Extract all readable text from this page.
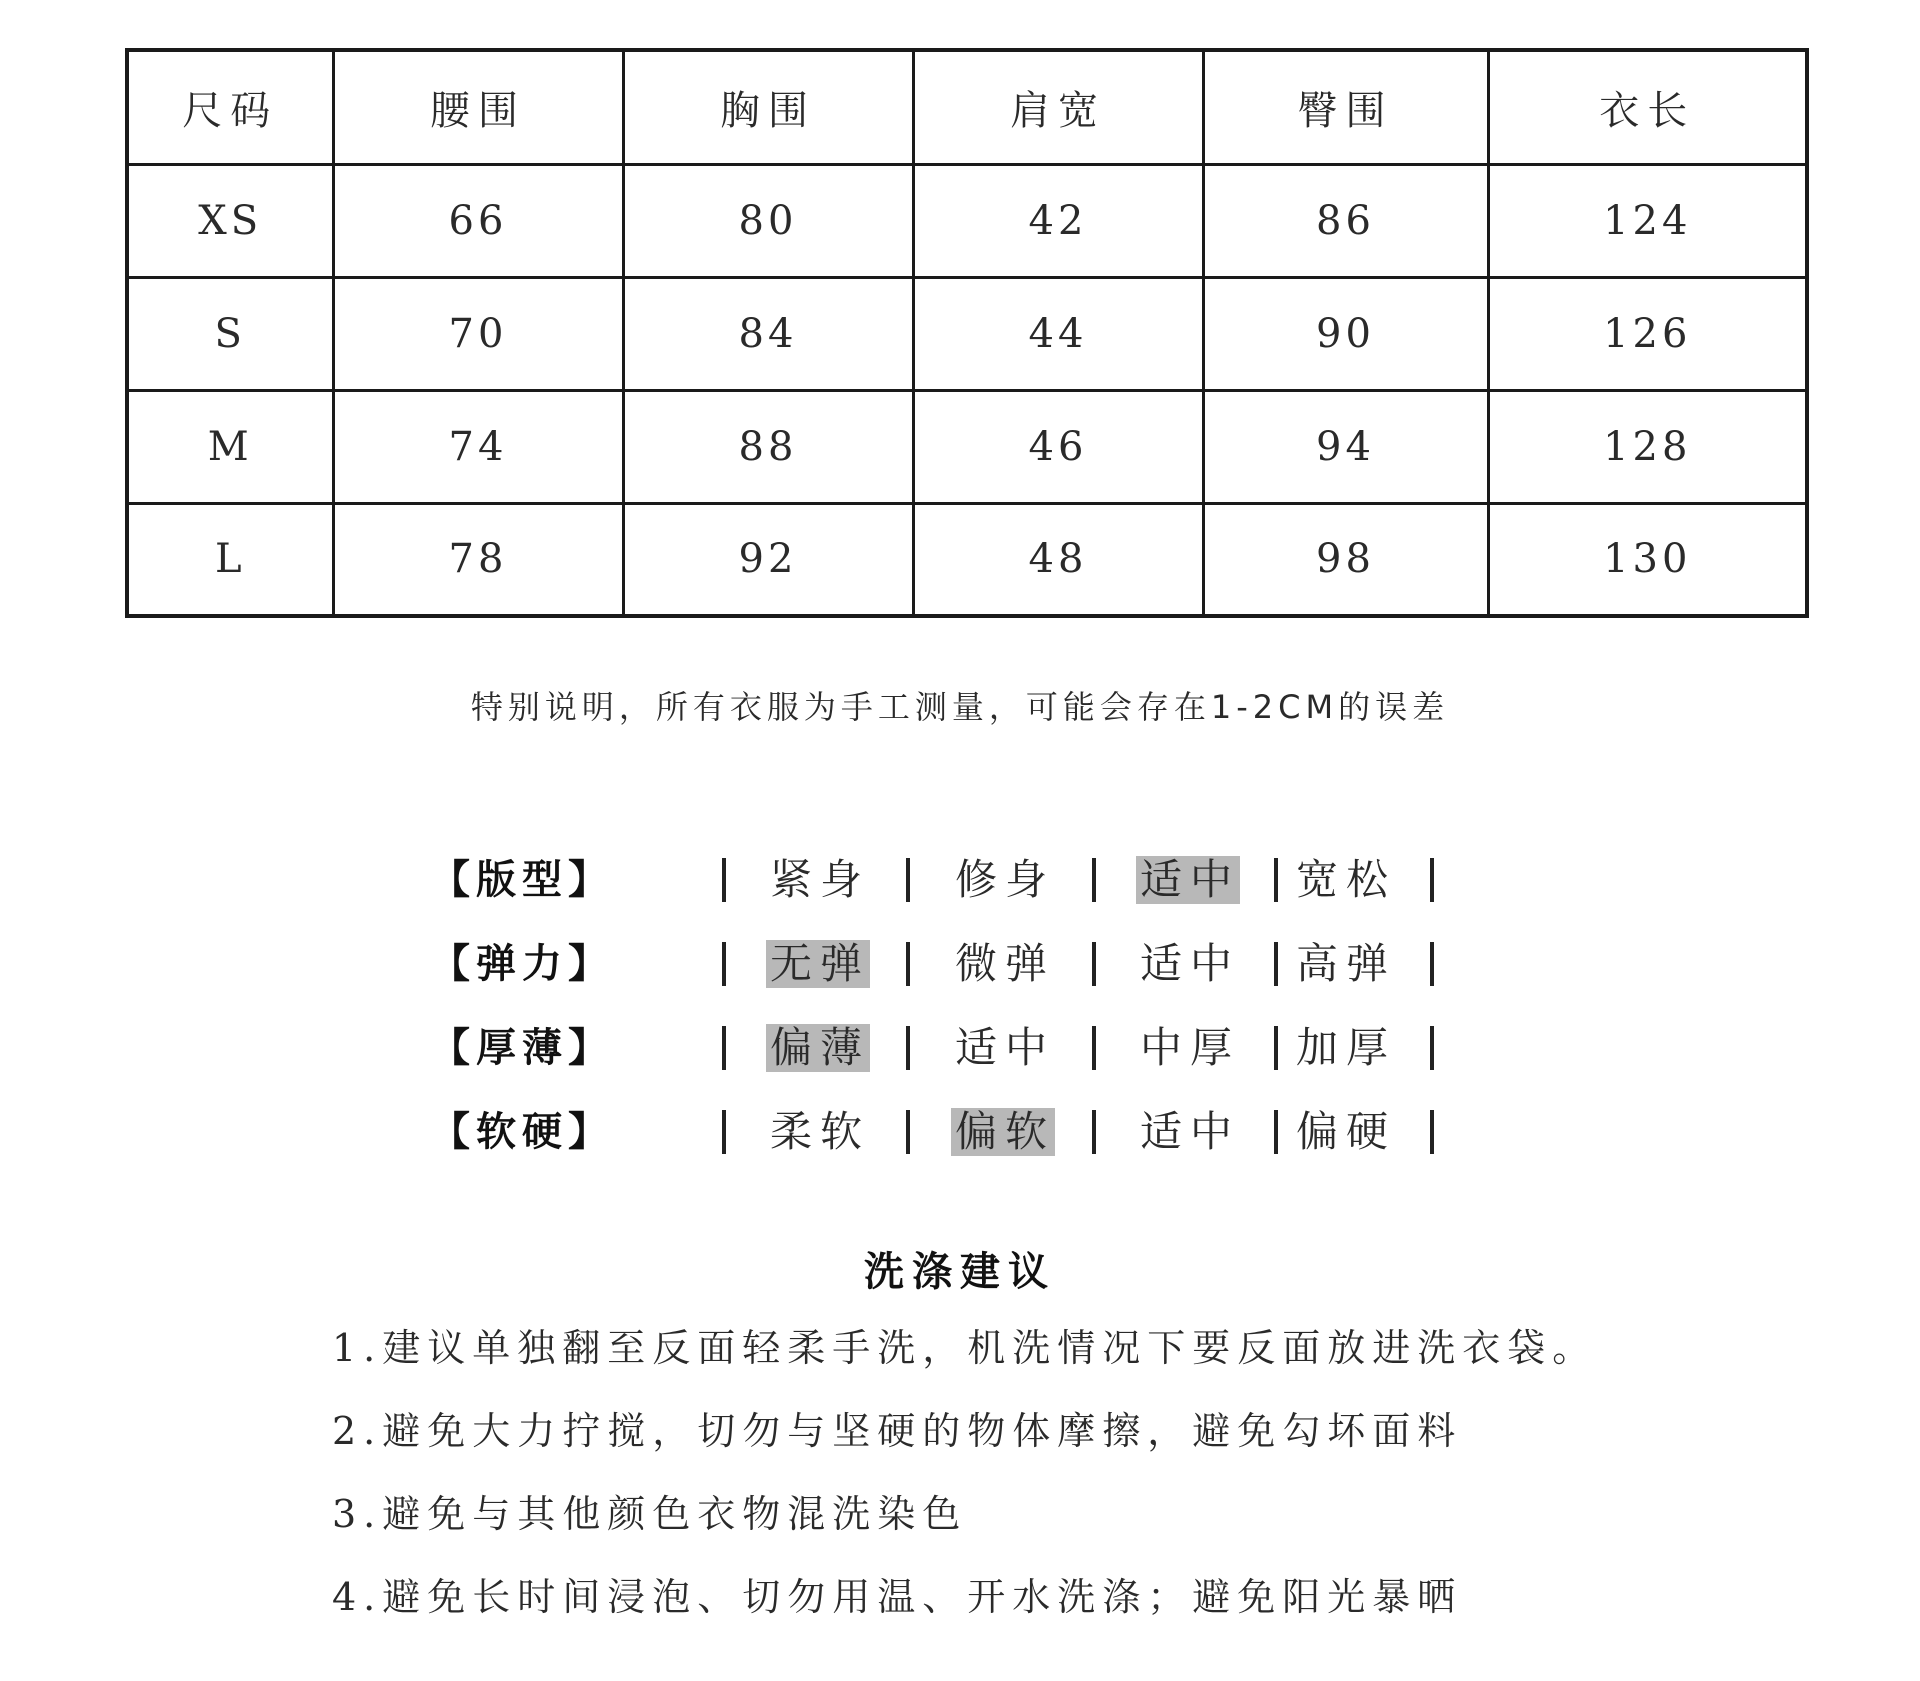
尺码	腰围	胸围	肩宽	臀围	衣长
XS	66	80	42	86	124
S	70	84	44	90	126
M	74	88	46	94	128
L	78	92	48	98	130
特别说明，所有衣服为手工测量，可能会存在1-2CM的误差
【版型】	紧身 修身 适中 宽松
【弹力】	无弹 微弹 适中 高弹
【厚薄】	偏薄 适中 中厚 加厚
【软硬】	柔软 偏软 适中 偏硬
洗涤建议
1.建议单独翻至反面轻柔手洗，机洗情况下要反面放进洗衣袋。
2.避免大力拧搅，切勿与坚硬的物体摩擦，避免勾坏面料
3.避免与其他颜色衣物混洗染色
4.避免长时间浸泡、切勿用温、开水洗涤；避免阳光暴晒
